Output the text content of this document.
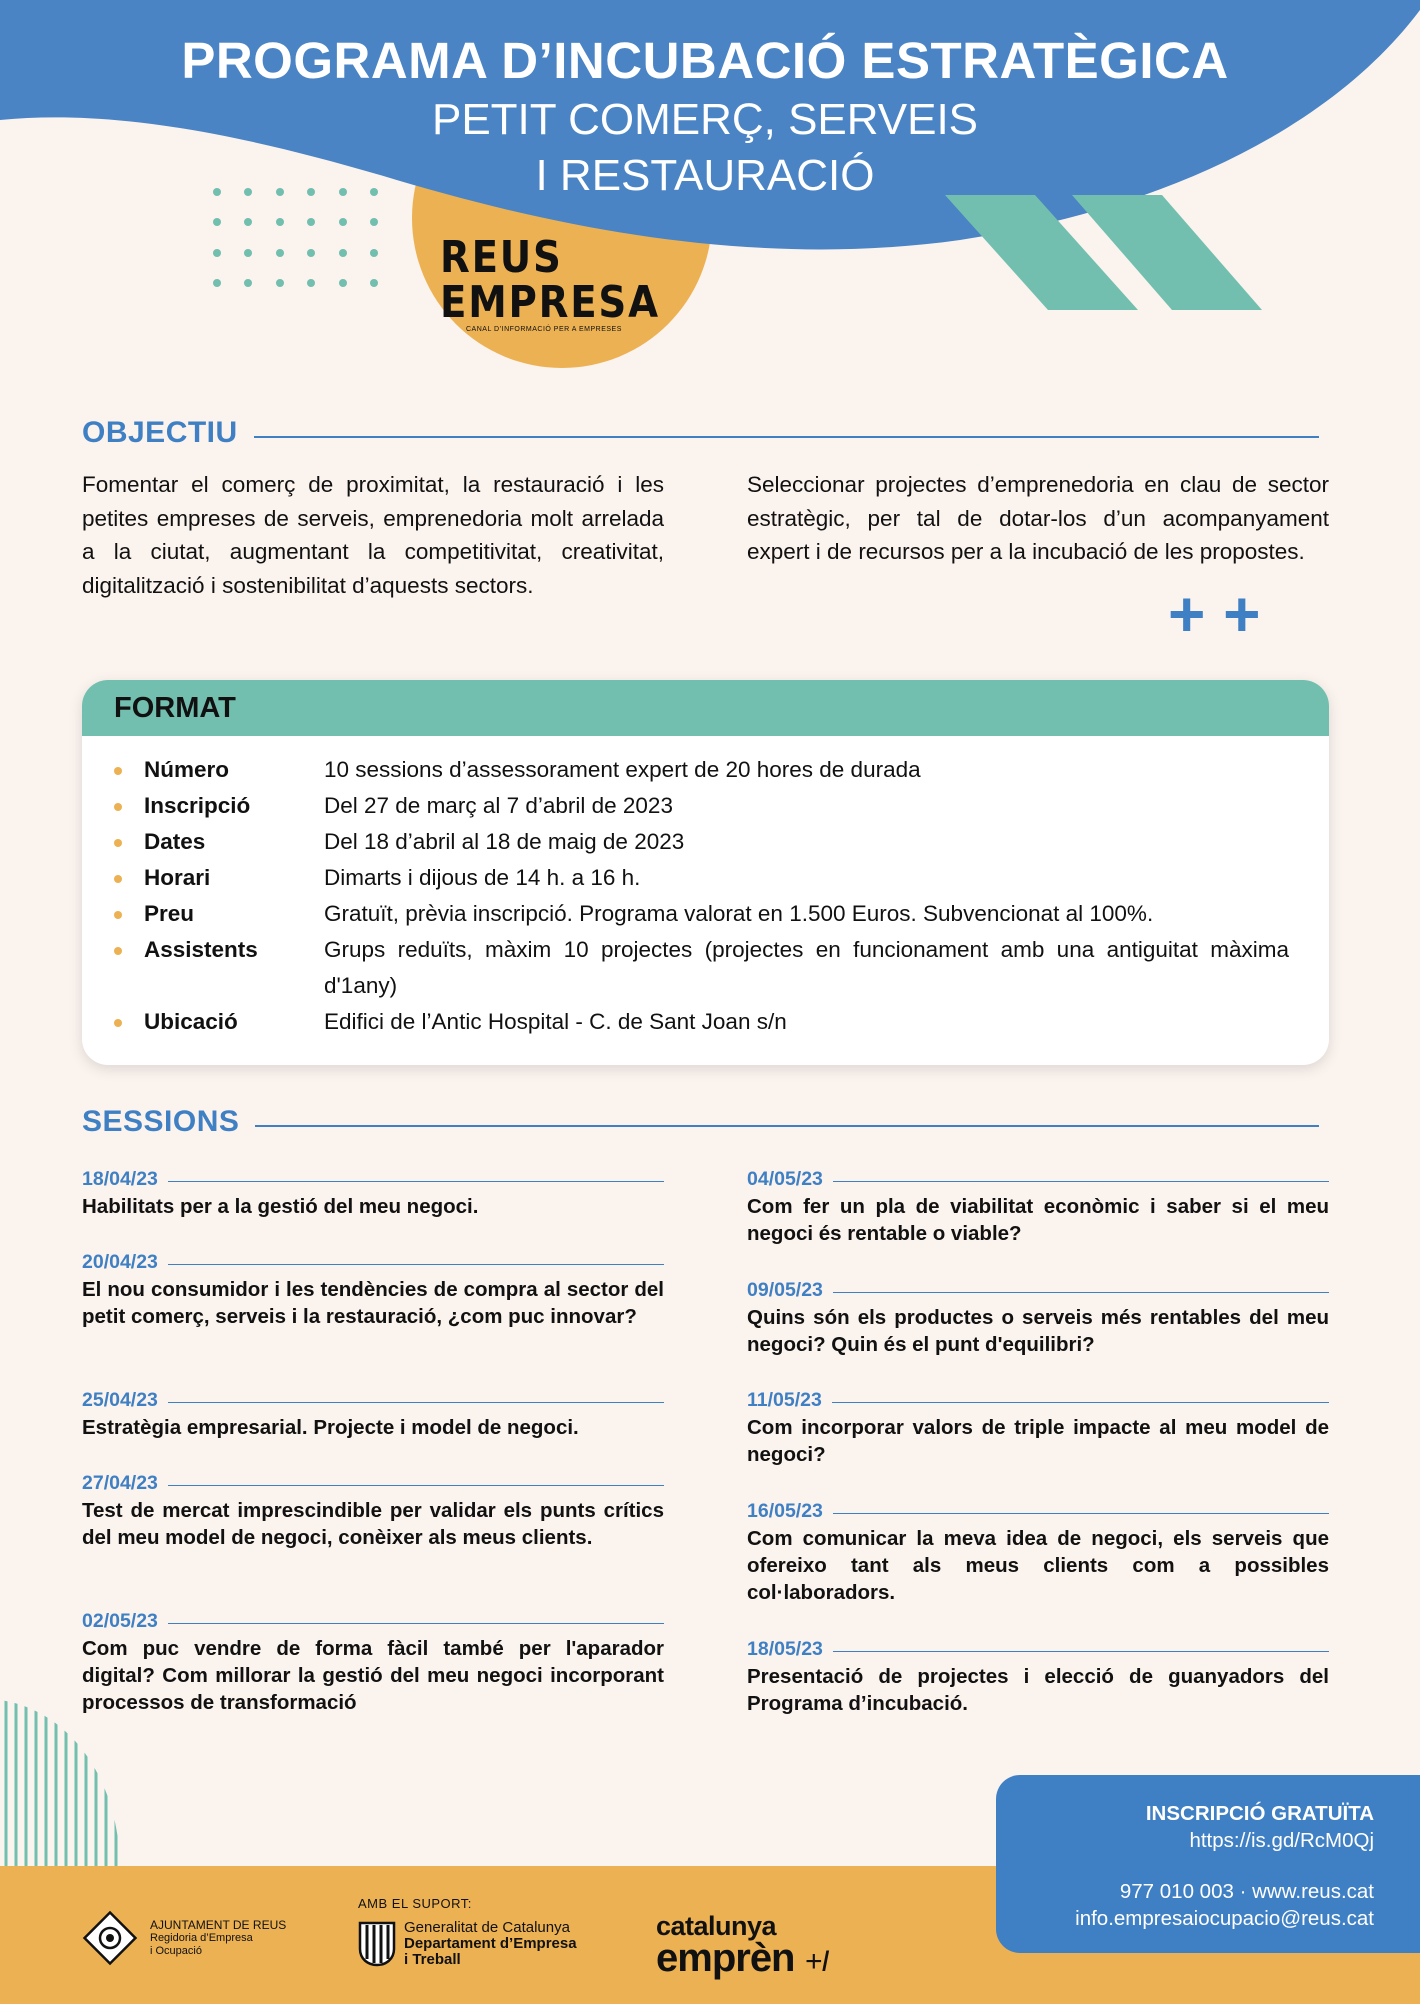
PROGRAMA D’INCUBACIÓ ESTRATÈGICA
PETIT COMERÇ, SERVEIS
I RESTAURACIÓ
REUS
EMPRESA
CANAL D’INFORMACIÓ PER A EMPRESES
OBJECTIU
Fomentar el comerç de proximitat, la restauració i les petites empreses de serveis, emprenedoria molt arrelada a la ciutat, augmentant la competitivitat, creativitat, digitalització i sostenibilitat d’aquests sectors.
Seleccionar projectes d’emprenedoria en clau de sector estratègic, per tal de dotar-los d’un acompanyament expert i de recursos per a la incubació de les propostes.
+ +
FORMAT
Número	10 sessions d’assessorament expert de 20 hores de durada
Inscripció	Del 27 de març al 7 d’abril de 2023
Dates	Del 18 d’abril al 18 de maig de 2023
Horari	Dimarts i dijous de 14 h. a 16 h.
Preu	Gratuït, prèvia inscripció. Programa valorat en 1.500 Euros. Subvencionat al 100%.
Assistents	Grups reduïts, màxim 10 projectes (projectes en funcionament amb una antiguitat màxima d'1any)
Ubicació	Edifici de l’Antic Hospital - C. de Sant Joan s/n
SESSIONS
18/04/23
Habilitats per a la gestió del meu negoci.
20/04/23
El nou consumidor i les tendències de compra al sector del petit comerç, serveis i la restauració, ¿com puc innovar?
25/04/23
Estratègia empresarial. Projecte i model de negoci.
27/04/23
Test de mercat imprescindible per validar els punts crítics del meu model de negoci, conèixer als meus clients.
02/05/23
Com puc vendre de forma fàcil també per l'aparador digital? Com millorar la gestió del meu negoci incorporant processos de transformació
04/05/23
Com fer un pla de viabilitat econòmic i saber si el meu negoci és rentable o viable?
09/05/23
Quins són els productes o serveis més rentables del meu negoci? Quin és el punt d'equilibri?
11/05/23
Com incorporar valors de triple impacte al meu model de negoci?
16/05/23
Com comunicar la meva idea de negoci, els serveis que ofereixo tant als meus clients com a possibles col·laboradors.
18/05/23
Presentació de projectes i elecció de guanyadors del Programa d’incubació.
INSCRIPCIÓ GRATUÏTA
https://is.gd/RcM0Qj
977 010 003 · www.reus.cat
info.empresaiocupacio@reus.cat
AJUNTAMENT DE REUS
Regidoria d’Empresa
i Ocupació
AMB EL SUPORT:
Generalitat de Catalunya
Departament d’Empresa
i Treball
catalunya
emprèn +I
